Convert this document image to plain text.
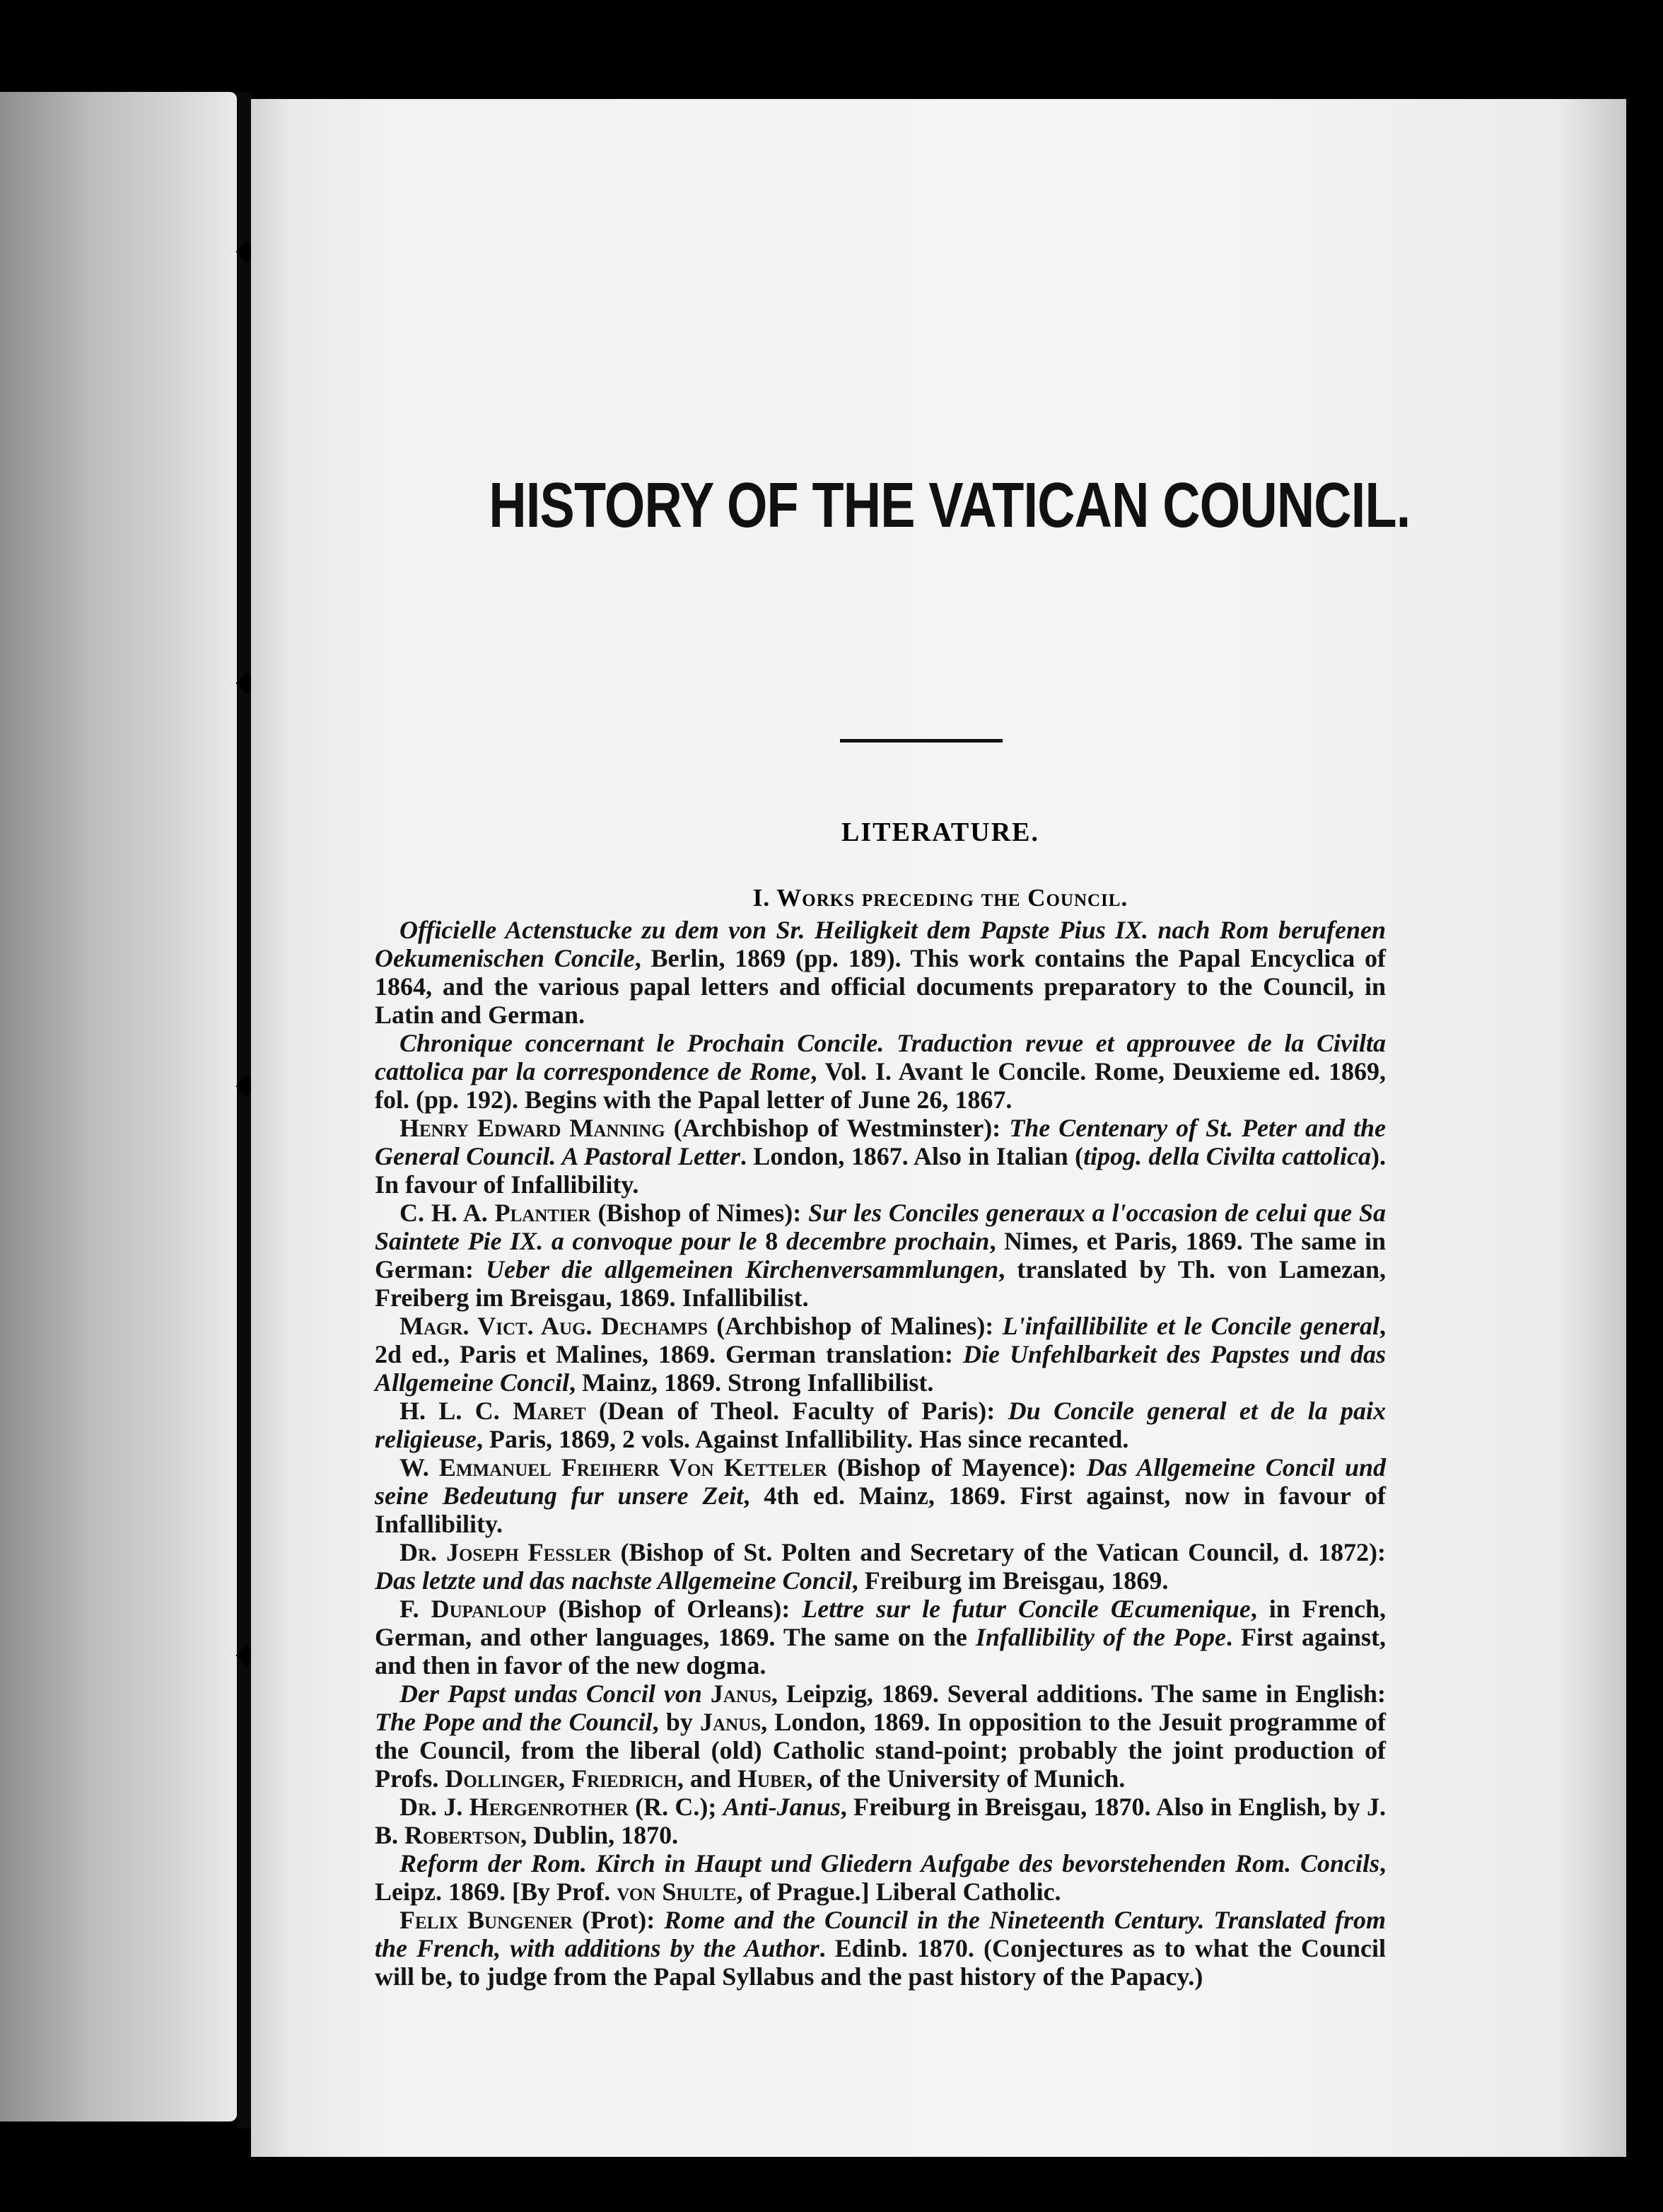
HISTORY OF THE VATICAN COUNCIL.
LITERATURE.
I. Works preceding the Council.

Officielle Actenstucke zu dem von Sr. Heiligkeit dem Papste Pius IX. nach Rom berufenen Oekumenischen Concile, Berlin, 1869 (pp. 189). This work contains the Papal Encyclica of 1864, and the various papal letters and official documents preparatory to the Council, in Latin and German.

Chronique concernant le Prochain Concile. Traduction revue et approuvee de la Civilta cattolica par la correspondence de Rome, Vol. I. Avant le Concile. Rome, Deuxieme ed. 1869, fol. (pp. 192). Begins with the Papal letter of June 26, 1867.

Henry Edward Manning (Archbishop of Westminster): The Centenary of St. Peter and the General Council. A Pastoral Letter. London, 1867. Also in Italian (tipog. della Civilta cattolica). In favour of Infallibility.

C. H. A. Plantier (Bishop of Nimes): Sur les Conciles generaux a l'occasion de celui que Sa Saintete Pie IX. a convoque pour le 8 decembre prochain, Nimes, et Paris, 1869. The same in German: Ueber die allgemeinen Kirchenversammlungen, translated by Th. von Lamezan, Freiberg im Breisgau, 1869. Infallibilist.

Magr. Vict. Aug. Dechamps (Archbishop of Malines): L'infaillibilite et le Concile general, 2d ed., Paris et Malines, 1869. German translation: Die Unfehlbarkeit des Papstes und das Allgemeine Concil, Mainz, 1869. Strong Infallibilist.

H. L. C. Maret (Dean of Theol. Faculty of Paris): Du Concile general et de la paix religieuse, Paris, 1869, 2 vols. Against Infallibility. Has since recanted.

W. Emmanuel Freiherr Von Ketteler (Bishop of Mayence): Das Allgemeine Concil und seine Bedeutung fur unsere Zeit, 4th ed. Mainz, 1869. First against, now in favour of Infallibility.

Dr. Joseph Fessler (Bishop of St. Polten and Secretary of the Vatican Council, d. 1872): Das letzte und das nachste Allgemeine Concil, Freiburg im Breisgau, 1869.

F. Dupanloup (Bishop of Orleans): Lettre sur le futur Concile Œcumenique, in French, German, and other languages, 1869. The same on the Infallibility of the Pope. First against, and then in favor of the new dogma.

Der Papst undas Concil von Janus, Leipzig, 1869. Several additions. The same in English: The Pope and the Council, by Janus, London, 1869. In opposition to the Jesuit programme of the Council, from the liberal (old) Catholic stand-point; probably the joint production of Profs. Dollinger, Friedrich, and Huber, of the University of Munich.

Dr. J. Hergenrother (R. C.); Anti-Janus, Freiburg in Breisgau, 1870. Also in English, by J. B. Robertson, Dublin, 1870.

Reform der Rom. Kirch in Haupt und Gliedern Aufgabe des bevorstehenden Rom. Concils, Leipz. 1869. [By Prof. von Shulte, of Prague.] Liberal Catholic.

Felix Bungener (Prot): Rome and the Council in the Nineteenth Century. Translated from the French, with additions by the Author. Edinb. 1870. (Conjectures as to what the Council will be, to judge from the Papal Syllabus and the past history of the Papacy.)
